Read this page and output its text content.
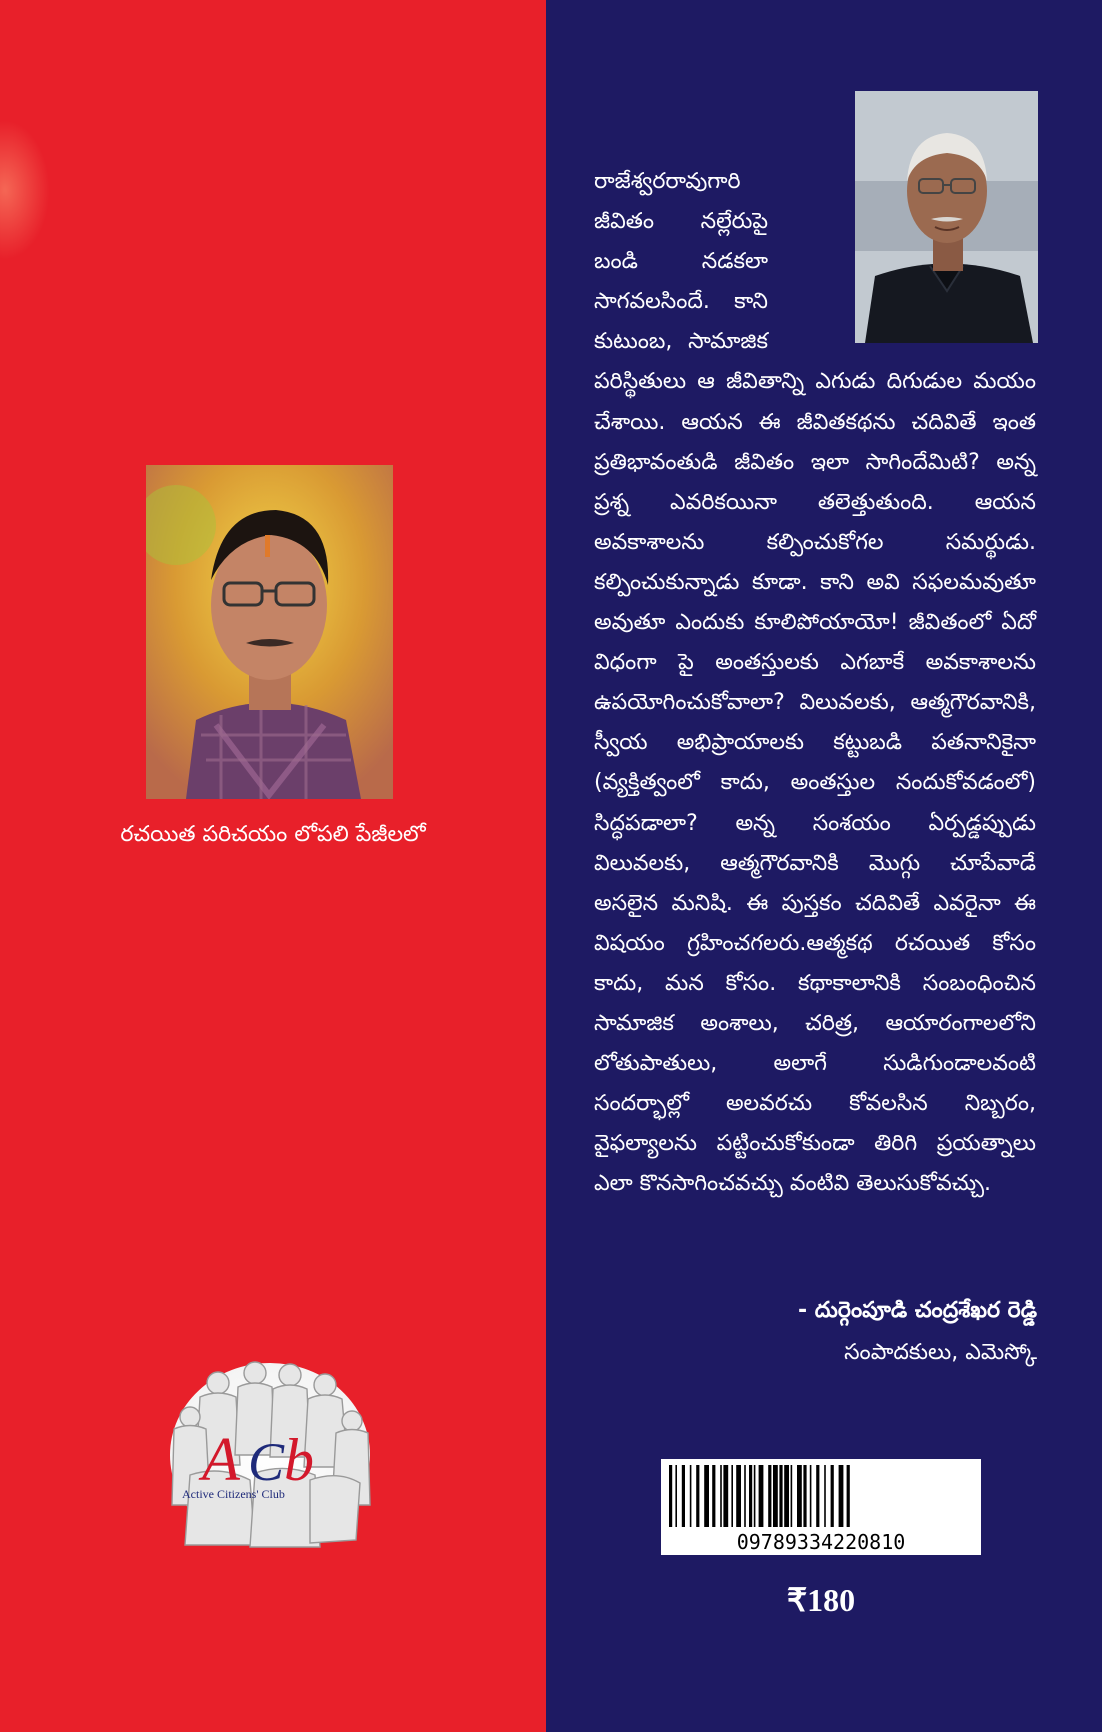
రచయిత పరిచయం లోపలి పేజీలలో
A C b
Active Citizens' Club
రాజేశ్వరరావుగారి జీవితం నల్లేరుపై బండి నడకలా సాగవలసిందే. కాని కుటుంబ, సామాజిక పరిస్థితులు ఆ జీవితాన్ని ఎగుడు దిగుడుల మయం చేశాయి. ఆయన ఈ జీవితకథను చదివితే ఇంత ప్రతిభావంతుడి జీవితం ఇలా సాగిందేమిటి? అన్న ప్రశ్న ఎవరికయినా తలెత్తుతుంది. ఆయన అవకాశాలను కల్పించుకోగల సమర్థుడు. కల్పించుకున్నాడు కూడా. కాని అవి సఫలమవుతూ అవుతూ ఎందుకు కూలిపోయాయో! జీవితంలో ఏదో విధంగా పై అంతస్తులకు ఎగబాకే అవకాశాలను ఉపయోగించుకోవాలా? విలువలకు, ఆత్మగౌరవానికి, స్వీయ అభిప్రాయాలకు కట్టుబడి పతనానికైనా (వ్యక్తిత్వంలో కాదు, అంతస్తుల నందుకోవడంలో) సిద్ధపడాలా? అన్న సంశయం ఏర్పడ్డప్పుడు విలువలకు, ఆత్మగౌరవానికి మొగ్గు చూపేవాడే అసలైన మనిషి. ఈ పుస్తకం చదివితే ఎవరైనా ఈ విషయం గ్రహించగలరు.ఆత్మకథ రచయిత కోసం కాదు, మన కోసం. కథాకాలానికి సంబంధించిన సామాజిక అంశాలు, చరిత్ర, ఆయారంగాలలోని లోతుపాతులు, అలాగే సుడిగుండాలవంటి సందర్భాల్లో అలవరచు కోవలసిన నిబ్బరం, వైఫల్యాలను పట్టించుకోకుండా తిరిగి ప్రయత్నాలు ఎలా కొనసాగించవచ్చు వంటివి తెలుసుకోవచ్చు.
- దుర్గెంపూడి చంద్రశేఖర రెడ్డి
సంపాదకులు, ఎమెస్కో
09789334220810
₹180
